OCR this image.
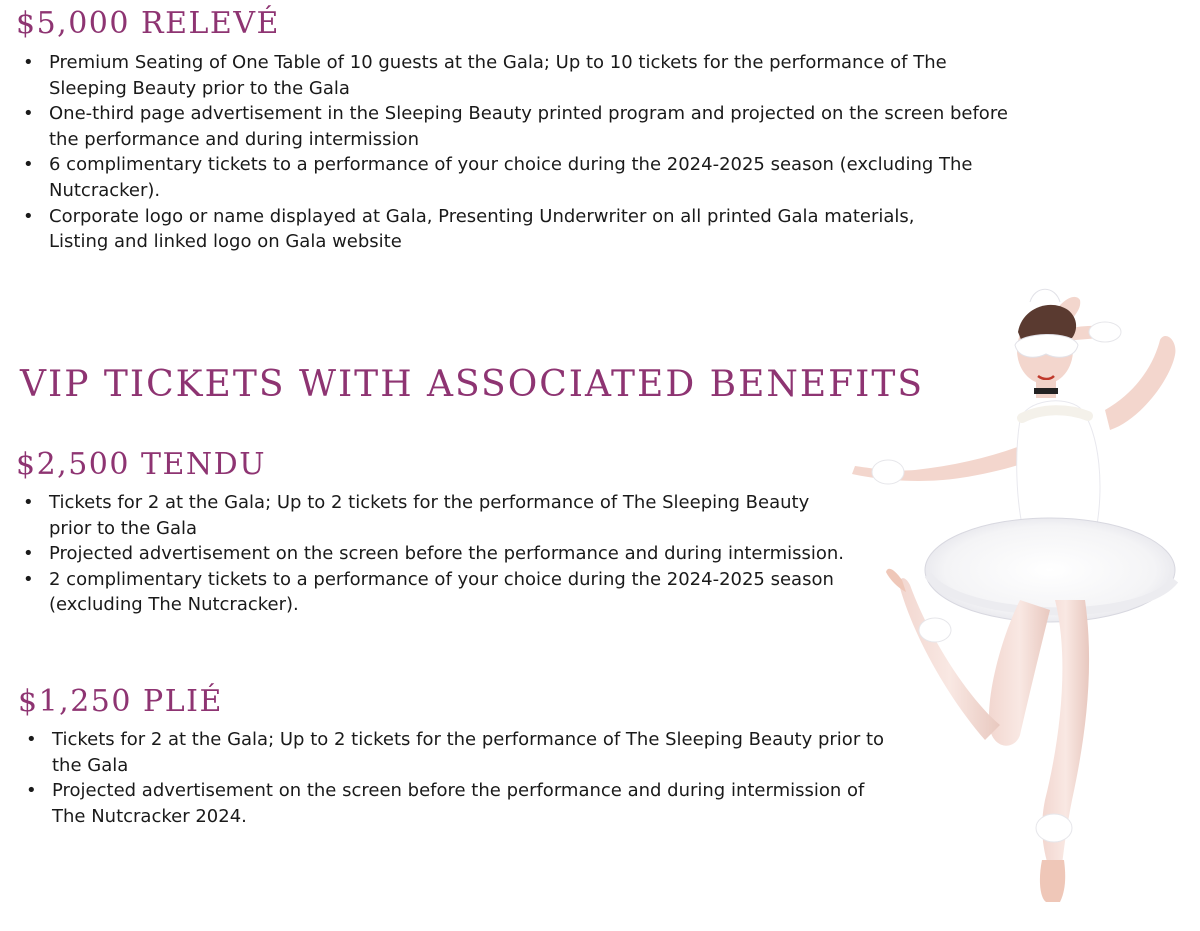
$5,000 RELEVÉ
• Premium Seating of One Table of 10 guests at the Gala; Up to 10 tickets for the performance of The
Sleeping Beauty prior to the Gala
• One-third page advertisement in the Sleeping Beauty printed program and projected on the screen before
the performance and during intermission
• 6 complimentary tickets to a performance of your choice during the 2024-2025 season (excluding The
Nutcracker).
• Corporate logo or name displayed at Gala, Presenting Underwriter on all printed Gala materials,
Listing and linked logo on Gala website
VIP TICKETS WITH ASSOCIATED BENEFITS
$2,500 TENDU
• Tickets for 2 at the Gala; Up to 2 tickets for the performance of The Sleeping Beauty
prior to the Gala
• Projected advertisement on the screen before the performance and during intermission.
• 2 complimentary tickets to a performance of your choice during the 2024-2025 season
(excluding The Nutcracker).
$1,250 PLIÉ
• Tickets for 2 at the Gala; Up to 2 tickets for the performance of The Sleeping Beauty prior to
the Gala
• Projected advertisement on the screen before the performance and during intermission of
The Nutcracker 2024.
